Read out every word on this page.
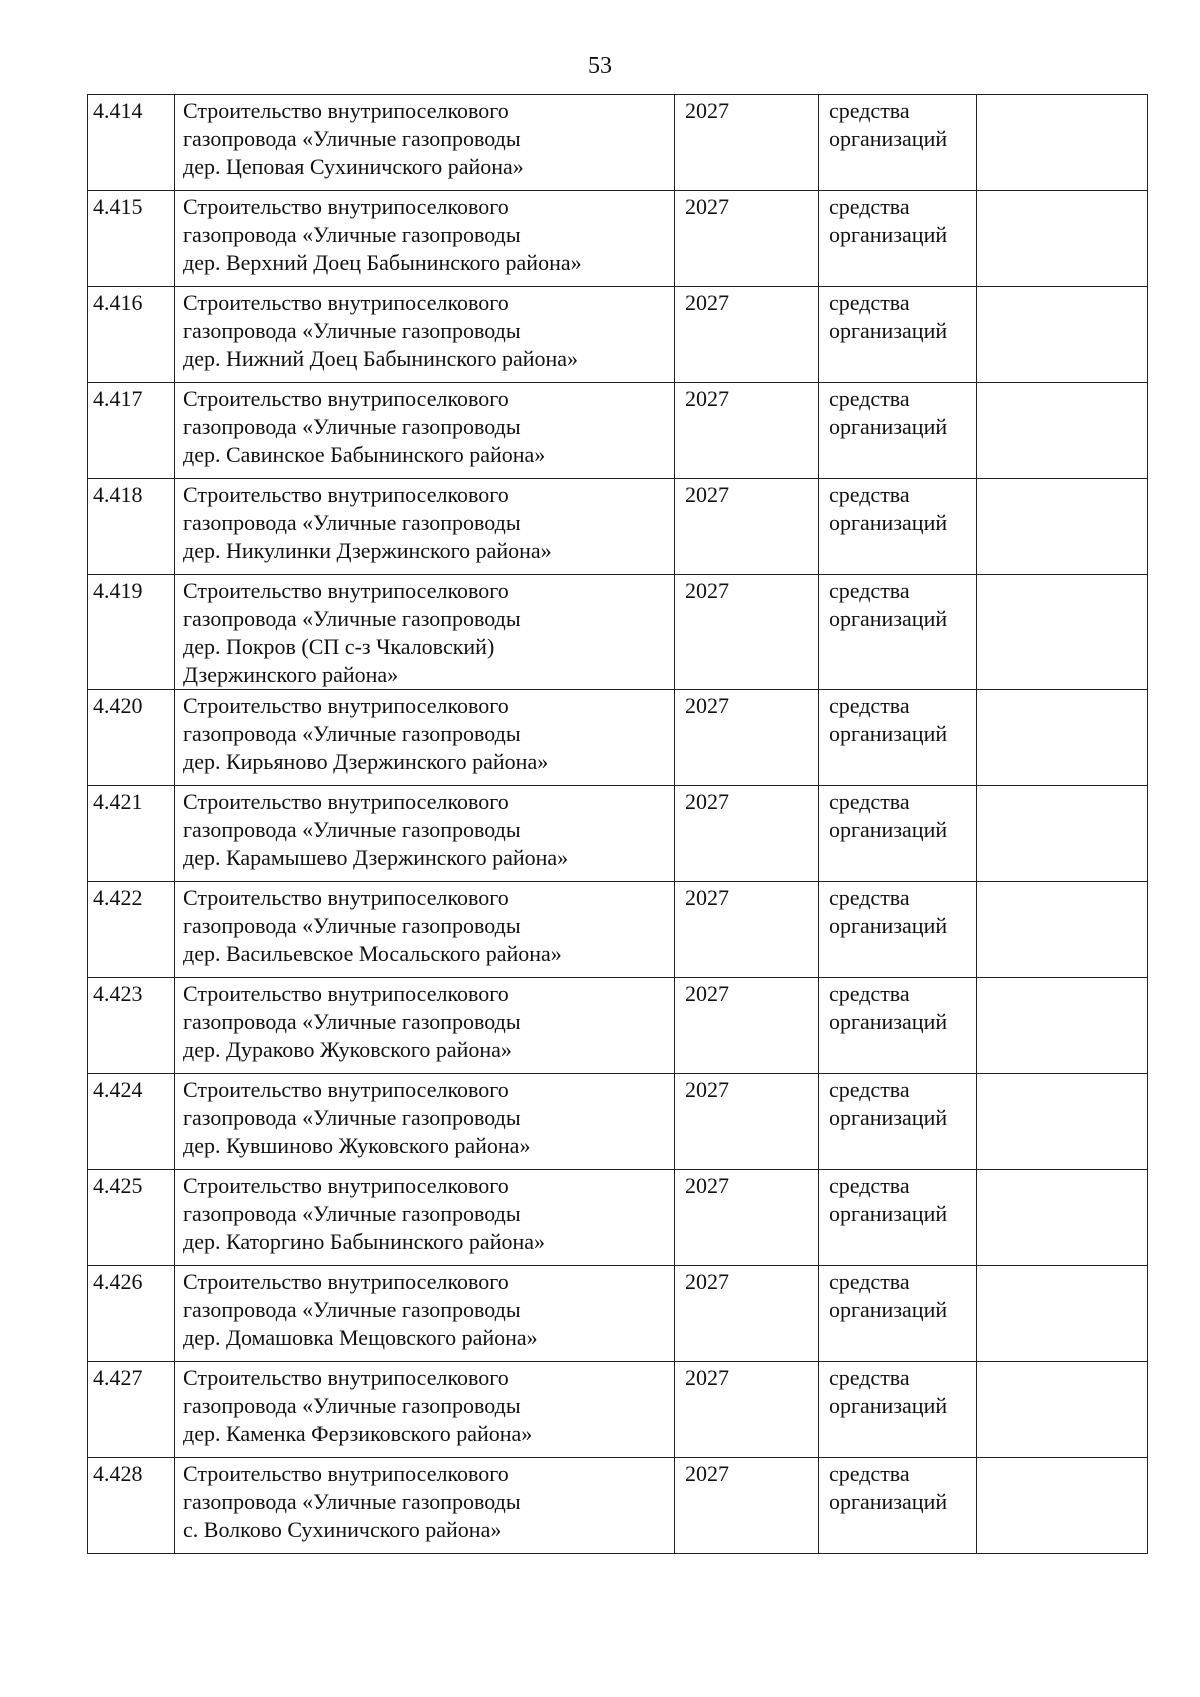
53
4.414	Строительство внутрипоселкового
газопровода «Уличные газопроводы
дер. Цеповая Сухиничского района»	2027	средства
организаций	

4.415	Строительство внутрипоселкового
газопровода «Уличные газопроводы
дер. Верхний Доец Бабынинского района»	2027	средства
организаций	

4.416	Строительство внутрипоселкового
газопровода «Уличные газопроводы
дер. Нижний Доец Бабынинского района»	2027	средства
организаций	

4.417	Строительство внутрипоселкового
газопровода «Уличные газопроводы
дер. Савинское Бабынинского района»	2027	средства
организаций	

4.418	Строительство внутрипоселкового
газопровода «Уличные газопроводы
дер. Никулинки Дзержинского района»	2027	средства
организаций	

4.419	Строительство внутрипоселкового
газопровода «Уличные газопроводы
дер. Покров (СП с-з Чкаловский)
Дзержинского района»	2027	средства
организаций	

4.420	Строительство внутрипоселкового
газопровода «Уличные газопроводы
дер. Кирьяново Дзержинского района»	2027	средства
организаций	

4.421	Строительство внутрипоселкового
газопровода «Уличные газопроводы
дер. Карамышево Дзержинского района»	2027	средства
организаций	

4.422	Строительство внутрипоселкового
газопровода «Уличные газопроводы
дер. Васильевское Мосальского района»	2027	средства
организаций	

4.423	Строительство внутрипоселкового
газопровода «Уличные газопроводы
дер. Дураково Жуковского района»	2027	средства
организаций	

4.424	Строительство внутрипоселкового
газопровода «Уличные газопроводы
дер. Кувшиново Жуковского района»	2027	средства
организаций	

4.425	Строительство внутрипоселкового
газопровода «Уличные газопроводы
дер. Каторгино Бабынинского района»	2027	средства
организаций	

4.426	Строительство внутрипоселкового
газопровода «Уличные газопроводы
дер. Домашовка Мещовского района»	2027	средства
организаций	

4.427	Строительство внутрипоселкового
газопровода «Уличные газопроводы
дер. Каменка Ферзиковского района»	2027	средства
организаций	

4.428	Строительство внутрипоселкового
газопровода «Уличные газопроводы
с. Волково Сухиничского района»	2027	средства
организаций	
